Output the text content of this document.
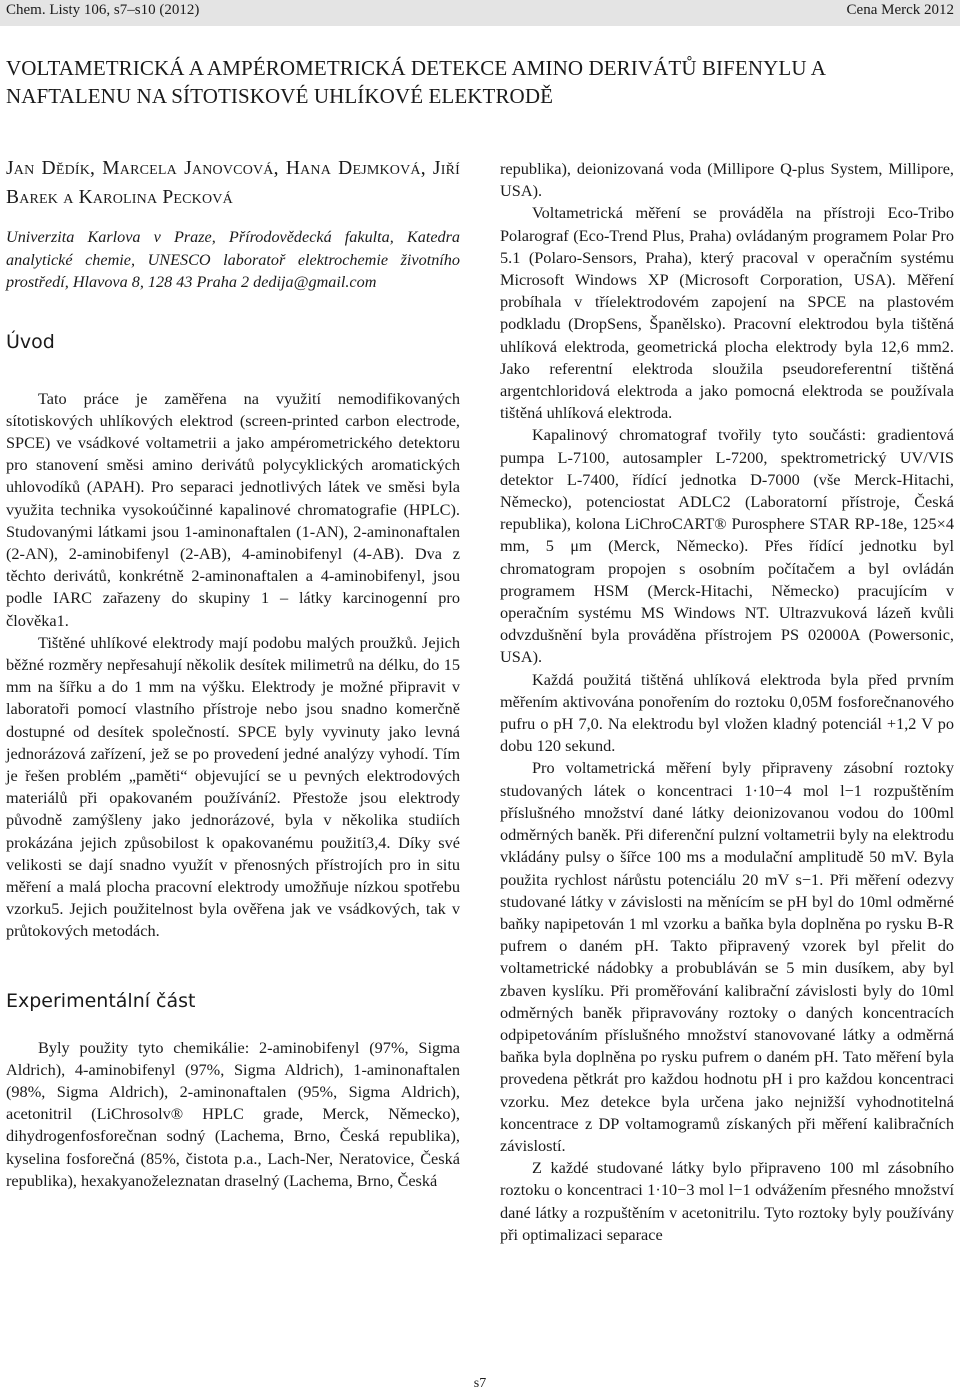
Chem. Listy 106, s7–s10 (2012)	Cena Merck 2012
VOLTAMETRICKÁ A AMPÉROMETRICKÁ DETEKCE AMINO DERIVÁTŮ BIFENYLU A NAFTALENU NA SÍTOTISKOVÉ UHLÍKOVÉ ELEKTRODĚ

Jan Dědík, Marcela Janovcová, Hana Dejmková, Jiří Barek a Karolina Pecková

Univerzita Karlova v Praze, Přírodovědecká fakulta, Katedra analytické chemie, UNESCO laboratoř elektrochemie životního prostředí, Hlavova 8, 128 43 Praha 2 dedija@gmail.com

Úvod

Tato práce je zaměřena na využití nemodifikovaných sítotiskových uhlíkových elektrod (screen-printed carbon electrode, SPCE) ve vsádkové voltametrii a jako ampérometrického detektoru pro stanovení směsi amino derivátů polycyklických aromatických uhlovodíků (APAH). Pro separaci jednotlivých látek ve směsi byla využita technika vysokoúčinné kapalinové chromatografie (HPLC). Studovanými látkami jsou 1-aminonaftalen (1-AN), 2-aminonaftalen (2-AN), 2-aminobifenyl (2-AB), 4-aminobifenyl (4-AB). Dva z těchto derivátů, konkrétně 2-aminonaftalen a 4-aminobifenyl, jsou podle IARC zařazeny do skupiny 1 – látky karcinogenní pro člověka1.

Tištěné uhlíkové elektrody mají podobu malých proužků. Jejich běžné rozměry nepřesahují několik desítek milimetrů na délku, do 15 mm na šířku a do 1 mm na výšku. Elektrody je možné připravit v laboratoři pomocí vlastního přístroje nebo jsou snadno komerčně dostupné od desítek společností. SPCE byly vyvinuty jako levná jednorázová zařízení, jež se po provedení jedné analýzy vyhodí. Tím je řešen problém „paměti“ objevující se u pevných elektrodových materiálů při opakovaném používání2. Přestože jsou elektrody původně zamýšleny jako jednorázové, byla v několika studiích prokázána jejich způsobilost k opakovanému použití3,4. Díky své velikosti se dají snadno využít v přenosných přístrojích pro in situ měření a malá plocha pracovní elektrody umožňuje nízkou spotřebu vzorku5. Jejich použitelnost byla ověřena jak ve vsádkových, tak v průtokových metodách.

Experimentální část

Byly použity tyto chemikálie: 2-aminobifenyl (97%, Sigma Aldrich), 4-aminobifenyl (97%, Sigma Aldrich), 1-aminonaftalen (98%, Sigma Aldrich), 2-aminonaftalen (95%, Sigma Aldrich), acetonitril (LiChrosolv® HPLC grade, Merck, Německo), dihydrogenfosforečnan sodný (Lachema, Brno, Česká republika), kyselina fosforečná (85%, čistota p.a., Lach-Ner, Neratovice, Česká republika), hexakyanoželeznatan draselný (Lachema, Brno, Česká

republika), deionizovaná voda (Millipore Q-plus System, Millipore, USA).

Voltametrická měření se prováděla na přístroji Eco-Tribo Polarograf (Eco-Trend Plus, Praha) ovládaným programem Polar Pro 5.1 (Polaro-Sensors, Praha), který pracoval v operačním systému Microsoft Windows XP (Microsoft Corporation, USA). Měření probíhala v tříelektrodovém zapojení na SPCE na plastovém podkladu (DropSens, Španělsko). Pracovní elektrodou byla tištěná uhlíková elektroda, geometrická plocha elektrody byla 12,6 mm2. Jako referentní elektroda sloužila pseudoreferentní tištěná argentchloridová elektroda a jako pomocná elektroda se používala tištěná uhlíková elektroda.

Kapalinový chromatograf tvořily tyto součásti: gradientová pumpa L-7100, autosampler L-7200, spektrometrický UV/VIS detektor L-7400, řídící jednotka D-7000 (vše Merck-Hitachi, Německo), potenciostat ADLC2 (Laboratorní přístroje, Česká republika), kolona LiChroCART® Purosphere STAR RP-18e, 125×4 mm, 5 μm (Merck, Německo). Přes řídící jednotku byl chromatogram propojen s osobním počítačem a byl ovládán programem HSM (Merck-Hitachi, Německo) pracujícím v operačním systému MS Windows NT. Ultrazvuková lázeň kvůli odvzdušnění byla prováděna přístrojem PS 02000A (Powersonic, USA).

Každá použitá tištěná uhlíková elektroda byla před prvním měřením aktivována ponořením do roztoku 0,05M fosforečnanového pufru o pH 7,0. Na elektrodu byl vložen kladný potenciál +1,2 V po dobu 120 sekund.

Pro voltametrická měření byly připraveny zásobní roztoky studovaných látek o koncentraci 1·10−4 mol l−1 rozpuštěním příslušného množství dané látky deionizovanou vodou do 100ml odměrných baněk. Při diferenční pulzní voltametrii byly na elektrodu vkládány pulsy o šířce 100 ms a modulační amplitudě 50 mV. Byla použita rychlost nárůstu potenciálu 20 mV s−1. Při měření odezvy studované látky v závislosti na měnícím se pH byl do 10ml odměrné baňky napipetován 1 ml vzorku a baňka byla doplněna po rysku B-R pufrem o daném pH. Takto připravený vzorek byl přelit do voltametrické nádobky a probubláván se 5 min dusíkem, aby byl zbaven kyslíku. Při proměřování kalibrační závislosti byly do 10ml odměrných baněk připravovány roztoky o daných koncentracích odpipetováním příslušného množství stanovované látky a odměrná baňka byla doplněna po rysku pufrem o daném pH. Tato měření byla provedena pětkrát pro každou hodnotu pH i pro každou koncentraci vzorku. Mez detekce byla určena jako nejnižší vyhodnotitelná koncentrace z DP voltamogramů získaných při měření kalibračních závislostí.

Z každé studované látky bylo připraveno 100 ml zásobního roztoku o koncentraci 1·10−3 mol l−1 odvážením přesného množství dané látky a rozpuštěním v acetonitrilu. Tyto roztoky byly používány při optimalizaci separace

s7
